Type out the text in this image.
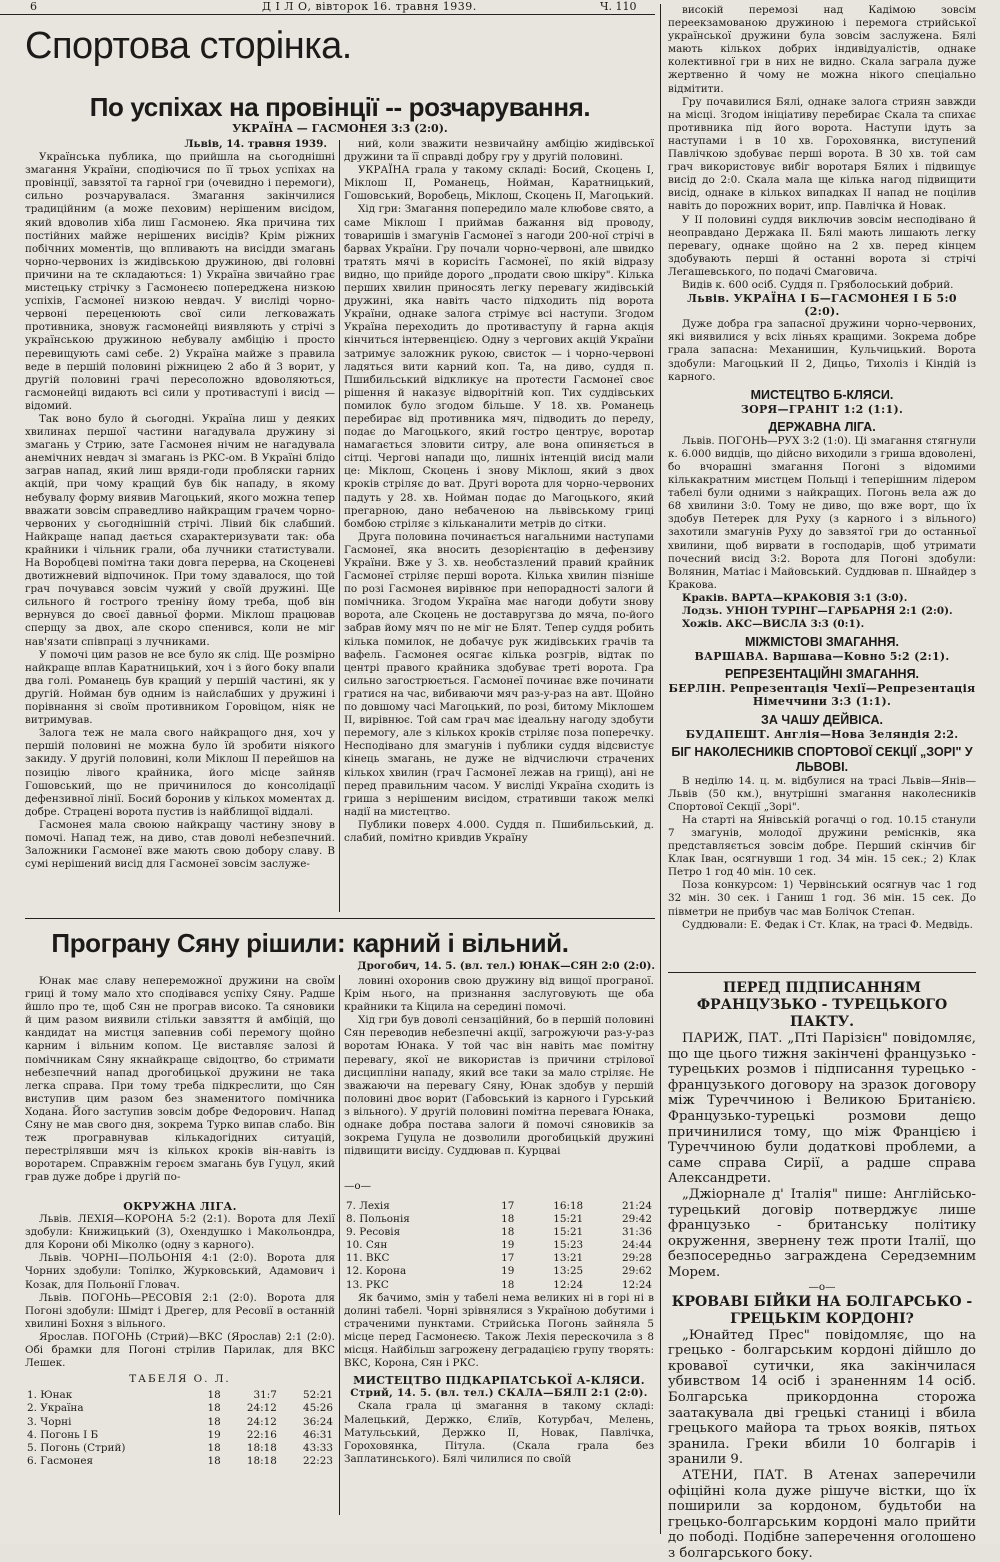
6	Д І Л О, вівторок 16. травня 1939.	Ч. 110
Спортова сторінка.
По успіхах на провінції -- розчарування.
УКРАЇНА — ГАСМОНЕЯ 3:3 (2:0).

Львів, 14. травня 1939.

Українська публика, що прийшла на сьогоднішні змагання України, сподіючися по її трьох успіхах на провінції, завзятої та гарної гри (очевидно і перемоги), сильно розчарувалася. Змагання закінчилися традиційним (а може пеховим) нерішеним висідом, який вдоволив хіба лиш Гасмонею. Яка причина тих постійних майже нерішених висідів? Крім ріжних побічних моментів, що впливають на висідди змагань чорно-червоних із жидівською дружиною, дві головні причини на те складаються: 1) Україна звичайно грає мистецьку стрічку з Гасмонеєю попереджена низкою успіхів, Гасмонеї низкою невдач. У висліді чорно-червоні переценюють свої сили легковажать противника, зновуж гасмонейці виявляють у стрічі з українською дружиною небувалу амбіцію і просто перевищують самі себе. 2) Україна майже з правила веде в першій половині ріжницею 2 або й 3 ворит, у другій половині грачі пересоложно вдоволяються, гасмонейці видають всі сили у противаступі і висід — відомий.

Так воно було й сьогодні. Україна лиш у деяких хвилинах першої частини нагадувала дружину зі змагань у Стрию, зате Гасмонея нічим не нагадувала анемічних невдач зі змагань із РКС-ом. В Україні блідо заграв напад, який лиш вряди-годи пробляски гарних акцій, при чому кращий був бік нападу, в якому небувалу форму виявив Магоцький, якого можна тепер вважати зовсім справедливо найкращим грачем чорно-червоних у сьогоднішній стрічі. Лівий бік слабший. Найкраще напад дається схарактеризувати так: оба крайники і чільник грали, оба лучники статистували. На Воробцеві помітна таки довга перерва, на Скоценеві двотижневий відпочинок. При тому здавалося, що той грач почувався зовсім чужий у своїй дружині. Ще сильного й гострого треніну йому треба, щоб він вернувся до своєї давньої форми. Міклош працював сперщу за двох, але скоро спенився, коли не міг нав'язати співпраці з лучниками.

У помочі цим разов не все було як слід. Ще розмірно найкраще вплав Каратницький, хоч і з його боку впали два голі. Романець був кращий у першій частині, як у другій. Нойман був одним із найслабших у дружині і порівнання зі своїм противником Горовіцом, ніяк не витримував.

Залога теж не мала свого найкращого дня, хоч у першій половині не можна було їй зробити ніякого закиду. У другій половині, коли Міклош II перейшов на позицію лівого крайника, його місце зайняв Гошовський, що не причинилося до консолідації дефензивної лінії. Босий боронив у кількох моментах д. добре. Стрaцені ворота пустив із найблищої віддалі.

Гасмонея мала своюю найкращу частину знову в помочі. Напад теж, на диво, став доволі небезпечний. Заложники Гасмонеї вже мають свою добору славу. В сумі нерішений висід для Гасмонеї зовсім заслуже-

ний, коли зважити незвичайну амбіцію жидівської дружини та її справді добру гру у другій половині.

УКРАЇНА грала у такому складі: Босий, Скоцень I, Міклош II, Романець, Нойман, Каратницький, Гошовський, Воробець, Міклош, Скоцень II, Магоцький.

Хід гри: Змагання попередило мале клюбове свято, а саме Міклош I приймав бажання від проводу, товаришів і змагунів Гасмонеї з нагоди 200-ної стрічі в барвах України. Гру почали чорно-червоні, але швидко тратять мячі в корисіть Гасмонеї, по якій відразу видно, що прийде дорого „продати свою шкіру". Кілька перших хвилин приносять легку перевагу жидівській дружині, яка навіть часто підходить під ворота України, однаке залога стрімує всі наступи. Згодом Україна переходить до противаступу й гарна акція кінчиться інтервенцією. Одну з чергових акцій України затримує заложник рукою, свисток — і чорно-червоні ладяться вити карний коп. Та, на диво, суддя п. Пшибильський відкликує на протести Гасмонеї своє рішення й наказує відворітній коп. Тих суддівських помилок було згодом більше. У 18. хв. Романець перебирає від противника мяч, підводить до переду, подає до Магоцького, який гостро центрує, воротар намагається зловити ситру, але вона опиняється в сітці. Чергові напади що, лишніх інтенцій висід мали це: Міклош, Скоцень і знову Міклош, який з двох кроків стріляє до ват. Другі ворота для чорно-червоних падуть у 28. хв. Нойман подає до Магоцького, який прегарною, дано небаченою на львівському гриці бомбою стріляє з кільканалити метрів до сітки.

Друга половина починається нагальними наступами Гасмонеї, яка вносить дезорієнтацію в дефензиву України. Вже у 3. хв. необстазлений правий крайник Гасмонеї стріляє перші ворота. Кілька хвилин пізніше по розі Гасмонея вирівнює при непорадності залоги й помічника. Згодом Україна має нагоди добути знову ворота, але Скоцень не доставругзва до мяча, по-його забрав йому мяч по не міг не Блят. Тепер суддя робить кілька помилок, не добачує рук жидівських грачів та вафель. Гасмонея осягає кілька розгрів, відтак по центрі правого крайника здобуває треті ворота. Гра сильно загострюється. Гасмонеї починає вже починати гратися на час, вибиваючи мяч раз-у-раз на авт. Щойно по довшому часі Магоцький, по розі, битому Міклошем II, вирівнює. Той сам грач має ідеальну нагоду здобути перемогу, але з кількох кроків стріляє поза поперечку. Несподівано для змагунів і публики суддя відсвистує кінець змагань, не дуже не відчислючи страчених кількох хвилин (грач Гасмонеї лежав на грищі), ані не перед правильним часом. У висліді Україна сходить із гриша з нерішеним висідом, стративши також мелкі надії на мистецтво.

Публики поверх 4.000. Суддя п. Пшибильський, д. слабий, помітно кривдив Україну

Програну Сяну рішили: карний і вільний.
Дрогобич, 14. 5. (вл. тел.) ЮНАК—СЯН 2:0 (2:0).

Юнак має славу непереможної дружини на своїм гриці й тому мало хто сподівався успіху Сяну. Радше йшло про те, щоб Сян не програв високо. Та сяновики й цим разом виявили стільки завзяття й амбіцій, що кандидат на мистця запевнив собі перемогу щойно карним і вільним копом. Це виставляє залозі й помічникам Сяну якнайкраще свідоцтво, бо стримати небезпечний напад дрогобицької дружини не така легка справа. При тому треба підкреслити, що Сян виступив цим разом без знаменитого помічника Ходана. Його заступив зовсім добре Федорович. Напад Сяну не мав свого дня, зокрема Турко випав слабо. Він теж програвнував кількадогідних ситуацій, перестрілявши мяч із кількох кроків він-навіть із воротарем. Справжнім героєм змагань був Гуцул, який грав дуже добре і другій по-

ловині охоронив свою дружину від вищої програної. Крім нього, на признання заслуговують ще оба крайники та Кіцила на середині помочі.

Хід гри був доволі сензаційний, бо в першій половині Сян переводив небезпечні акції, загрожуючи раз-у-раз воротам Юнака. У той час він навіть має помітну перевагу, якої не використав із причини стрілової дисципліни нападу, який все таки за мало стріляє. Не зважаючи на перевагу Сяну, Юнак здобув у першій половині двоє ворит (Габовський із карного і Гурський з вільного). У другій половині помітна перевага Юнака, однаке добра постава залоги й помочі сяновиків за зокрема Гуцула не дозволили дрогобицькій дружині підвищити висіду. Суддював п. Курцваі

—о—

ОКРУЖНА ЛІГА.

Львів. ЛЕХІЯ—КОРОНА 5:2 (2:1). Ворота для Лехії здобули: Книжицький (3), Охендушко і Макольондра, для Корони обі Міколко (одну з карного).

Львів. ЧОРНІ—ПОЛЬОНІЯ 4:1 (2:0). Ворота для Чорних здобули: Топілко, Журковський, Адамович і Козак, для Польонії Гловач.

Львів. ПОГОНЬ—РЕСОВІЯ 2:1 (2:0). Ворота для Погоні здобули: Шмідт і Дрегер, для Ресовії в останній хвилині Бохня з вільного.

Ярослав. ПОГОНЬ (Стрий)—ВКС (Ярослав) 2:1 (2:0). Обі брамки для Погоні стрілив Парилак, для ВКС Лешек.

ТАБЕЛЯ О. Л.

1. Юнак	18	31:7	52:21
2. Україна	18	24:12	45:26
3. Чорні	18	24:12	36:24
4. Погонь І Б	19	22:16	46:31
5. Погонь (Стрий)	18	18:18	43:33
6. Гасмонея	18	18:18	22:23
7. Лехія	17	16:18	21:24
8. Польонія	18	15:21	29:42
9. Ресовія	18	15:21	31:36
10. Сян	19	15:23	24:44
11. ВКС	17	13:21	29:28
12. Корона	19	13:25	29:62
13. РКС	18	12:24	12:24

Як бачимо, змін у табелі нема великих ні в горі ні в долині табелі. Чорні зрівнялися з Україною добутими і страченими пунктами. Стрийська Погонь зайняла 5 місце перед Гасмонеєю. Також Лехія перескочила з 8 місця. Найбільш загрожену деградацією групу творять: ВКС, Корона, Сян і РКС.

МИСТЕЦТВО ПІДКАРПАТСЬКОЇ А-КЛЯСИ.

Стрий, 14. 5. (вл. тел.) СКАЛА—БЯЛІ 2:1 (2:0).

Скала грала ці змагання в такому складі: Малецький, Держко, Єлиїв, Котурбач, Мелень, Матульський, Держко II, Новак, Павлічка, Гороховянка, Пітула. (Скала грала без Заплатинського). Бялі чилилися по своїй

високій перемозі над Кадімою зовсім переекзамованою дружиною і перемога стрийської української дружини була зовсім заслужена. Бялі мають кількох добрих індивідуалістів, однаке колективної гри в них не видно. Скала заграла дуже жертвенно й чому не можна нікого спеціально відмітити.

Гру почавилися Бялі, однаке залога стриян завжди на місці. Згодом ініціативу перебирає Скала та спихає противника під його ворота. Наступи ідуть за наступами і в 10 хв. Гороховянка, виступений Павлічкою здобуває перші ворота. В 30 хв. той сам грач використовує вибіг воротаря Бялих і підвищує висід до 2:0. Скала мала ще кілька нагод підвищити висід, однаке в кількох випадках II напад не поцілив навіть до порожних ворит, ипр. Павлічка й Новак.

У II половині суддя виключив зовсім несподівано й неоправдано Держака II. Бялі мають лишають легку перевагу, однаке щойно на 2 хв. перед кінцем здобувають перші й останні ворота зі стрічі Легашевського, по подачі Смаговича.

Видів к. 600 осіб. Суддя п. Гряболоський добрий.

Львів. УКРАЇНА І Б—ГАСМОНЕЯ І Б 5:0 (2:0).

Дуже добра гра запасної дружини чорно-червоних, які виявилися у всіх ліньях кращими. Зокрема добре грала запасна: Механишин, Кульчицький. Ворота здобули: Магоцький II 2, Дицьо, Тихоліз і Кіндій із карного.

МИСТЕЦТВО Б-КЛЯСИ.

ЗОРЯ—ГРАНІТ 1:2 (1:1).

ДЕРЖАВНА ЛІГА.

Львів. ПОГОНЬ—РУХ 3:2 (1:0). Ці змагання стягнули к. 6.000 видців, що дійсно виходили з гриша вдоволені, бо вчорашні змагання Погоні з відомими кількакратним мистцем Польщі і теперішним лідером табелі були одними з найкращих. Погонь вела аж до 68 хвилини 3:0. Тому не диво, що вже ворт, що їх здобув Петерек для Руху (з карного і з вільного) захотили змагунів Руху до завзятої гри до останньої хвилини, щоб вирвати в господарів, щоб утримати почесний висід 3:2. Ворота для Погоні здобули: Волянин, Матіас і Майовський. Суддював п. Шнайдер з Кракова.

Краків. ВАРТА—КРАКОВІЯ 3:1 (3:0).

Лодзь. УНІОН ТУРІНГ—ГАРБАРНЯ 2:1 (2:0).

Хожів. АКС—ВИСЛА 3:3 (0:1).

МІЖМІСТОВІ ЗМАГАННЯ.

ВАРШАВА. Варшава—Ковно 5:2 (2:1).

РЕПРЕЗЕНТАЦІЙНІ ЗМАГАННЯ.

БЕРЛІН. Репрезентація Чехії—Репрезентація Німеччини 3:3 (1:1).

ЗА ЧАШУ ДЕЙВІСА.

БУДАПЕШТ. Англія—Нова Зеляндія 2:2.

БІГ НАКОЛЕСНИКІВ СПОРТОВОЇ СЕКЦІЇ „ЗОРІ" У ЛЬВОВІ.

В неділю 14. ц. м. відбулися на трасі Львів—Янів—Львів (50 км.), внутрішні змагання наколесників Спортової Секції „Зорі".

На старті на Янівській рогачці о год. 10.15 станули 7 змагунів, молодої дружини реміснків, яка представляється зовсім добре. Перший скінчив біг Клак Іван, осягнувши 1 год. 34 мін. 15 сек.; 2) Клак Петро 1 год 40 мін. 10 сек.

Поза конкурсом: 1) Червінський осягнув час 1 год 32 мін. 30 сек. і Ганиш 1 год. 36 мін. 15 сек. До півметри не прибув час мав Болічок Степан.

Суддювали: Е. Федак і Ст. Клак, на трасі Ф. Медвідь.

ПЕРЕД ПІДПИСАННЯМ ФРАНЦУЗЬКО - ТУРЕЦЬКОГО ПАКТУ.

ПАРИЖ, ПАТ. „Пті Парізієн" повідомляє, що ще цього тижня закінчені французько - турецьких розмов і підписання турецько - французького договору на зразок договору між Туреччиною і Великою Британією. Французько-турецькі розмови дещо причинилися тому, що між Францією і Туреччиною були додаткові проблеми, а саме справа Сирії, а радше справа Александрети.

„Джіорнале д' Італія" пише: Англійсько-турецький договір потверджує лише французько - британську політику окруження, звернену теж проти Італії, що безпосередньо заграждена Середземним Морем.

—о—

КРОВАВІ БІЙКИ НА БОЛГАРСЬКО - ГРЕЦЬКІМ КОРДОНІ?

„Юнайтед Прес" повідомляє, що на грецько - болгарським кордоні дійшло до кровавої сутички, яка закінчилася убивством 14 осіб і зраненням 14 осіб. Болгарська прикордонна сторожа заатакувала дві грецькі станиці і вбила грецького майора та трьох вояків, пятьох зранила. Греки вбили 10 болгарів і зранили 9.

АТЕНИ, ПАТ. В Атенах заперечили офіційні кола дуже рішуче вістки, що їх поширили за кордоном, будьтоби на грецько-болгарським кордоні мало прийти до пободі. Подібне заперечення оголошено з болгарського боку.
